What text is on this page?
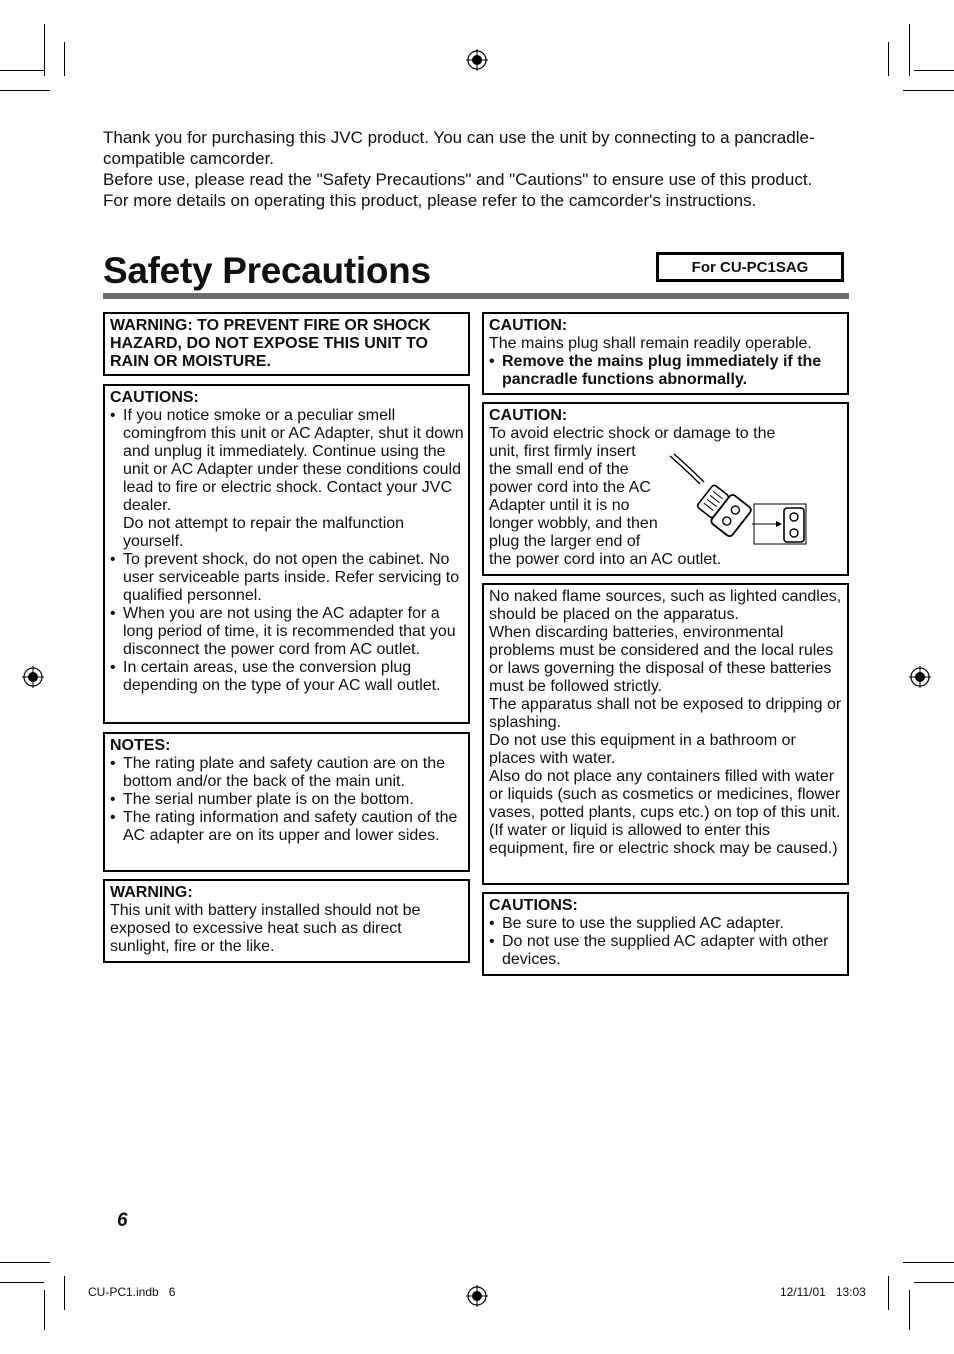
Thank you for purchasing this JVC product. You can use the unit by connecting to a pancradle-compatible camcorder.

Before use, please read the "Safety Precautions" and "Cautions" to ensure use of this product.

For more details on operating this product, please refer to the camcorder's instructions.

Safety Precautions	For CU-PC1SAG

WARNING: TO PREVENT FIRE OR SHOCK HAZARD, DO NOT EXPOSE THIS UNIT TO RAIN OR MOISTURE.

CAUTIONS:
• If you notice smoke or a peculiar smell comingfrom this unit or AC Adapter, shut it down and unplug it immediately. Continue using the unit or AC Adapter under these conditions could lead to fire or electric shock. Contact your JVC dealer.
Do not attempt to repair the malfunction yourself.
• To prevent shock, do not open the cabinet. No user serviceable parts inside. Refer servicing to qualified personnel.
• When you are not using the AC adapter for a long period of time, it is recommended that you disconnect the power cord from AC outlet.
• In certain areas, use the conversion plug depending on the type of your AC wall outlet.
NOTES:
• The rating plate and safety caution are on the bottom and/or the back of the main unit.
• The serial number plate is on the bottom.
• The rating information and safety caution of the AC adapter are on its upper and lower sides.
WARNING:

This unit with battery installed should not be exposed to excessive heat such as direct sunlight, fire or the like.

CAUTION:

The mains plug shall remain readily operable.

• Remove the mains plug immediately if the pancradle functions abnormally.
CAUTION:
To avoid electric shock or damage to the
unit, first firmly insert
the small end of the
power cord into the AC
Adapter until it is no
longer wobbly, and then
plug the larger end of
the power cord into an AC outlet.

No naked flame sources, such as lighted candles, should be placed on the apparatus.

When discarding batteries, environmental problems must be considered and the local rules or laws governing the disposal of these batteries must be followed strictly.

The apparatus shall not be exposed to dripping or splashing.

Do not use this equipment in a bathroom or places with water.

Also do not place any containers filled with water or liquids (such as cosmetics or medicines, flower vases, potted plants, cups etc.) on top of this unit. (If water or liquid is allowed to enter this equipment, fire or electric shock may be caused.)

CAUTIONS:
• Be sure to use the supplied AC adapter.
• Do not use the supplied AC adapter with other devices.
6
CU-PC1.indb   6	12/11/01   13:03
